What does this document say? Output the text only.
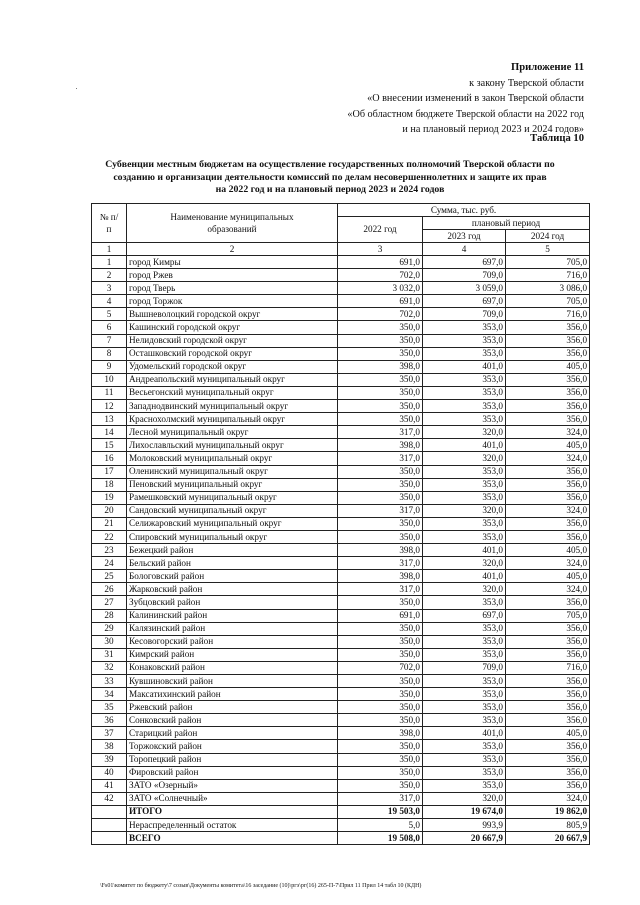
Приложение 11
к закону Тверской области
«О внесении изменений в закон Тверской области
«Об областном бюджете Тверской области на 2022 год
и на плановый период 2023 и 2024 годов»
Таблица 10
Субвенции местным бюджетам на осуществление государственных полномочий Тверской области по
созданию и организации деятельности комиссий по делам несовершеннолетних и защите их прав
на 2022 год и на плановый период 2023 и 2024 годов
№ п/п	Наименование муниципальных образований	Сумма, тыс. руб.		
		2022 год	плановый период	
			2023 год	2024 год
1	2	3	4	5
1	город Кимры	691,0	697,0	705,0
2	город Ржев	702,0	709,0	716,0
3	город Тверь	3 032,0	3 059,0	3 086,0
4	город Торжок	691,0	697,0	705,0
5	Вышневолоцкий городской округ	702,0	709,0	716,0
6	Кашинский городской округ	350,0	353,0	356,0
7	Нелидовский городской округ	350,0	353,0	356,0
8	Осташковский городской округ	350,0	353,0	356,0
9	Удомельский городской округ	398,0	401,0	405,0
10	Андреапольский муниципальный округ	350,0	353,0	356,0
11	Весьегонский муниципальный округ	350,0	353,0	356,0
12	Западнодвинский муниципальный округ	350,0	353,0	356,0
13	Краснохолмский муниципальный округ	350,0	353,0	356,0
14	Лесной муниципальный округ	317,0	320,0	324,0
15	Лихославльский муниципальный округ	398,0	401,0	405,0
16	Молоковский муниципальный округ	317,0	320,0	324,0
17	Оленинский муниципальный округ	350,0	353,0	356,0
18	Пеновский муниципальный округ	350,0	353,0	356,0
19	Рамешковский муниципальный округ	350,0	353,0	356,0
20	Сандовский муниципальный округ	317,0	320,0	324,0
21	Селижаровский муниципальный округ	350,0	353,0	356,0
22	Спировский муниципальный округ	350,0	353,0	356,0
23	Бежецкий район	398,0	401,0	405,0
24	Бельский район	317,0	320,0	324,0
25	Бологовский район	398,0	401,0	405,0
26	Жарковский район	317,0	320,0	324,0
27	Зубцовский район	350,0	353,0	356,0
28	Калининский район	691,0	697,0	705,0
29	Калязинский район	350,0	353,0	356,0
30	Кесовогорский район	350,0	353,0	356,0
31	Кимрский район	350,0	353,0	356,0
32	Конаковский район	702,0	709,0	716,0
33	Кувшиновский район	350,0	353,0	356,0
34	Максатихинский район	350,0	353,0	356,0
35	Ржевский район	350,0	353,0	356,0
36	Сонковский район	350,0	353,0	356,0
37	Старицкий район	398,0	401,0	405,0
38	Торжокский район	350,0	353,0	356,0
39	Торопецкий район	350,0	353,0	356,0
40	Фировский район	350,0	353,0	356,0
41	ЗАТО «Озерный»	350,0	353,0	356,0
42	ЗАТО «Солнечный»	317,0	320,0	324,0
	ИТОГО	19 503,0	19 674,0	19 862,0
	Нераспределенный остаток	5,0	993,9	805,9
	ВСЕГО	19 508,0	20 667,9	20 667,9
\Fs01\комитет по бюджету\7 созыв\Документы комитета\16 заседание (10)\ргэ\рг(16) 265-П-7\Прил 11 Прил 14 табл 10 (КДН)
